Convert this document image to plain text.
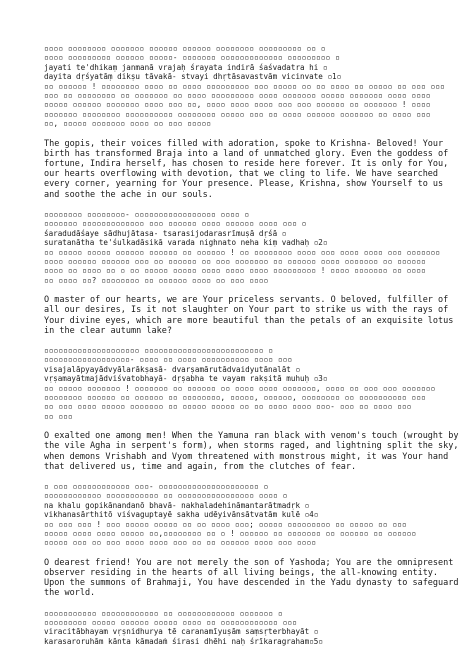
▫▫▫▫ ▫▫▫▫▫▫▫▫ ▫▫▫▫▫▫▫ ▫▫▫▫▫▫ ▫▫▫▫▫▫ ▫▫▫▫▫▫▫▫ ▫▫▫▫▫▫▫▫▫ ▫▫ ▫
▫▫▫▫ ▫▫▫▫▫▫▫▫▫ ▫▫▫▫▫▫ ▫▫▫▫▫- ▫▫▫▫▫▫▫ ▫▫▫▫▫▫▫▫▫▫▫▫▫ ▫▫▫▫▫▫▫▫▫ ▫
jayati te'dhikaṃ janmanā vrajaḥ śrayata indirā śaśvadatra hi ▫
dayita dṛśyatāṃ dikṣu tāvakā- stvayi dhṛtāsavastvām vicinvate ▫1▫
▫▫ ▫▫▫▫▫▫ ! ▫▫▫▫▫▫▫▫ ▫▫▫▫ ▫▫ ▫▫▫▫ ▫▫▫▫▫▫▫▫▫ ▫▫▫ ▫▫▫▫▫ ▫▫ ▫▫ ▫▫▫▫ ▫▫ ▫▫▫▫▫ ▫▫ ▫▫▫ ▫▫▫
▫▫▫ ▫▫ ▫▫▫▫▫▫▫▫ ▫▫ ▫▫▫▫▫▫▫ ▫▫ ▫▫▫▫ ▫▫▫▫▫▫▫▫▫ ▫▫▫▫ ▫▫▫▫▫▫▫ ▫▫▫▫▫ ▫▫▫▫▫▫▫ ▫▫▫▫ ▫▫▫▫
▫▫▫▫▫ ▫▫▫▫▫▫ ▫▫▫▫▫▫▫ ▫▫▫▫ ▫▫▫ ▫▫, ▫▫▫▫ ▫▫▫▫ ▫▫▫▫ ▫▫▫ ▫▫▫ ▫▫▫▫▫▫ ▫▫ ▫▫▫▫▫▫▫ ! ▫▫▫▫
▫▫▫▫▫▫▫ ▫▫▫▫▫▫▫▫ ▫▫▫▫▫▫▫▫▫▫ ▫▫▫▫▫▫▫▫ ▫▫▫▫▫ ▫▫▫ ▫▫ ▫▫▫▫ ▫▫▫▫▫▫ ▫▫▫▫▫▫▫ ▫▫ ▫▫▫▫ ▫▫▫
▫▫, ▫▫▫▫▫ ▫▫▫▫▫▫▫ ▫▫▫▫ ▫▫ ▫▫▫ ▫▫▫▫▫

The gopis, their voices filled with adoration, spoke to Krishna- Beloved! Your birth has transformed Braja into a land of unmatched glory. Even the goddess of fortune, Indira herself, has chosen to reside here forever. It is only for You, our hearts overflowing with devotion, that we cling to life. We have searched every corner, yearning for Your presence. Please, Krishna, show Yourself to us and soothe the ache in our souls.

▫▫▫▫▫▫▫▫ ▫▫▫▫▫▫▫▫- ▫▫▫▫▫▫▫▫▫▫▫▫▫▫▫▫▫ ▫▫▫▫ ▫
▫▫▫▫▫▫▫ ▫▫▫▫▫▫▫▫▫▫▫▫▫ ▫▫▫ ▫▫▫▫▫▫ ▫▫▫▫ ▫▫▫▫▫▫ ▫▫▫▫ ▫▫▫ ▫
śaradudāśaye sādhujātasa- tsarasijodarasrīmuṣā dṛśā ▫
suratanātha te'śulkadāsikā varada nighnato neha kiṃ vadhaḥ ▫2▫
▫▫ ▫▫▫▫▫ ▫▫▫▫▫ ▫▫▫▫▫▫ ▫▫▫▫▫▫ ▫▫ ▫▫▫▫▫▫ ! ▫▫ ▫▫▫▫▫▫▫▫ ▫▫▫▫ ▫▫▫ ▫▫▫▫ ▫▫▫▫ ▫▫▫ ▫▫▫▫▫▫▫
▫▫▫▫ ▫▫▫▫▫▫ ▫▫▫▫▫▫ ▫▫▫ ▫▫ ▫▫▫▫▫▫ ▫▫ ▫▫▫ ▫▫▫▫▫▫▫ ▫▫ ▫▫▫▫▫▫ ▫▫▫▫ ▫▫▫▫▫▫▫ ▫▫ ▫▫▫▫▫▫
▫▫▫▫ ▫▫ ▫▫▫▫ ▫▫ ▫ ▫▫ ▫▫▫▫▫ ▫▫▫▫▫ ▫▫▫▫ ▫▫▫▫ ▫▫▫▫ ▫▫▫▫▫▫▫▫▫ ! ▫▫▫▫ ▫▫▫▫▫▫▫ ▫▫ ▫▫▫▫
▫▫ ▫▫▫▫ ▫▫? ▫▫▫▫▫▫▫▫ ▫▫ ▫▫▫▫▫▫ ▫▫▫▫ ▫▫ ▫▫▫ ▫▫▫▫

O master of our hearts, we are Your priceless servants. O beloved, fulfiller of all our desires, Is it not slaughter on Your part to strike us with the rays of Your divine eyes, which are more beautiful than the petals of an exquisite lotus in the clear autumn lake?

▫▫▫▫▫▫▫▫▫▫▫▫▫▫▫▫▫▫▫▫ ▫▫▫▫▫▫▫▫▫▫▫▫▫▫▫▫▫▫▫▫▫▫▫▫▫ ▫
▫▫▫▫▫▫▫▫▫▫▫▫▫▫▫▫▫▫- ▫▫▫▫ ▫▫ ▫▫▫▫ ▫▫▫▫▫▫▫▫▫▫ ▫▫▫▫ ▫▫▫
visajalāpyayādvyālarākṣasā- dvarṣamārutādvaidyutānalāt ▫
vṛṣamayātmajādviśvatobhayā- dṛṣabha te vayam rakṣitā muhuḥ ▫3▫
▫▫ ▫▫▫▫▫ ▫▫▫▫▫▫▫ ! ▫▫▫▫▫▫▫ ▫▫ ▫▫▫▫▫▫ ▫▫ ▫▫▫▫ ▫▫▫▫ ▫▫▫▫▫▫▫, ▫▫▫▫ ▫▫ ▫▫▫ ▫▫▫ ▫▫▫▫▫▫▫
▫▫▫▫▫▫▫▫ ▫▫▫▫▫▫ ▫▫ ▫▫▫▫▫▫ ▫▫ ▫▫▫▫▫▫▫▫, ▫▫▫▫▫, ▫▫▫▫▫▫, ▫▫▫▫▫▫▫▫ ▫▫ ▫▫▫▫▫▫▫▫▫▫ ▫▫▫
▫▫ ▫▫▫ ▫▫▫▫ ▫▫▫▫▫ ▫▫▫▫▫▫▫ ▫▫ ▫▫▫▫▫ ▫▫▫▫▫ ▫▫ ▫▫ ▫▫▫▫ ▫▫▫▫ ▫▫▫- ▫▫▫ ▫▫ ▫▫▫▫ ▫▫▫
▫▫ ▫▫▫

O exalted one among men! When the Yamuna ran black with venom's touch (wrought by the vile Agha in serpent's form), when storms raged, and lightning split the sky, when demons Vrishabh and Vyom threatened with monstrous might, it was Your hand that delivered us, time and again, from the clutches of fear.

▫ ▫▫▫ ▫▫▫▫▫▫▫▫▫▫▫▫ ▫▫▫- ▫▫▫▫▫▫▫▫▫▫▫▫▫▫▫▫▫▫▫▫▫ ▫
▫▫▫▫▫▫▫▫▫▫▫▫ ▫▫▫▫▫▫▫▫▫▫▫ ▫▫ ▫▫▫▫▫▫▫▫▫▫▫▫▫▫▫▫ ▫▫▫▫ ▫
na khalu gopikānandanō bhavā- nakhaladehināmantarātmadṛk ▫
vikhanasārthitō viśvaguptayē sakha udēyivānsātvatām kulē ▫4▫
▫▫ ▫▫▫ ▫▫▫ ! ▫▫▫ ▫▫▫▫▫ ▫▫▫▫▫ ▫▫ ▫▫ ▫▫▫▫ ▫▫▫; ▫▫▫▫▫ ▫▫▫▫▫▫▫▫▫ ▫▫ ▫▫▫▫▫ ▫▫ ▫▫▫
▫▫▫▫▫ ▫▫▫▫ ▫▫▫▫ ▫▫▫▫▫ ▫▫,▫▫▫▫▫▫▫▫ ▫▫ ▫ ! ▫▫▫▫▫▫ ▫▫ ▫▫▫▫▫▫▫ ▫▫ ▫▫▫▫▫▫ ▫▫ ▫▫▫▫▫▫
▫▫▫▫▫ ▫▫▫ ▫▫ ▫▫▫ ▫▫▫▫ ▫▫▫▫ ▫▫▫ ▫▫ ▫▫ ▫▫▫▫▫▫ ▫▫▫▫ ▫▫▫ ▫▫▫▫

O dearest friend! You are not merely the son of Yashoda; You are the omnipresent observer residing in the hearts of all living beings, the all-knowing entity. Upon the summons of Brahmaji, You have descended in the Yadu dynasty to safeguard the world.

▫▫▫▫▫▫▫▫▫▫▫ ▫▫▫▫▫▫▫▫▫▫▫▫ ▫▫ ▫▫▫▫▫▫▫▫▫▫▫▫ ▫▫▫▫▫▫▫ ▫
▫▫▫▫▫▫▫▫▫ ▫▫▫▫▫ ▫▫▫▫▫▫ ▫▫▫▫▫ ▫▫▫▫ ▫▫ ▫▫▫▫▫▫▫▫▫▫▫▫ ▫▫▫
viracitābhayam vṛṣnidhurya tē caranamīyuṣām saṃsṛterbhayāt ▫
karasaroruhām kānta kāmadaṁ śirasi dhēhi naḥ śrīkaragraham▫5▫
